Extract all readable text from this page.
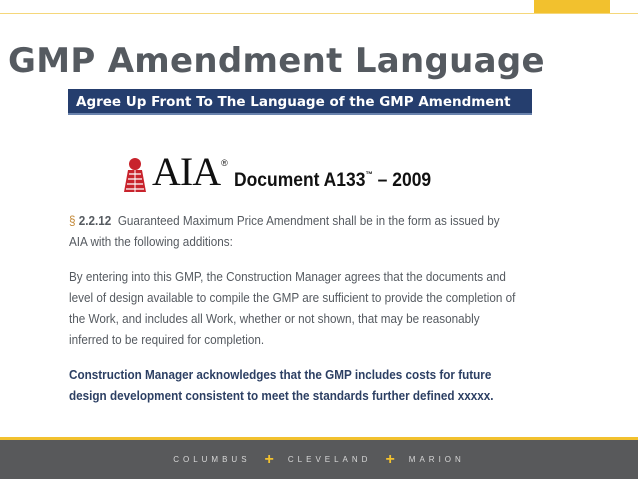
GMP Amendment Language
Agree Up Front To The Language of the GMP Amendment
AIA ®
Document A133™ – 2009

§ 2.2.12 Guaranteed Maximum Price Amendment shall be in the form as issued by AIA with the following additions:

By entering into this GMP, the Construction Manager agrees that the documents and level of design available to compile the GMP are sufficient to provide the completion of the Work, and includes all Work, whether or not shown, that may be reasonably inferred to be required for completion.

Construction Manager acknowledges that the GMP includes costs for future design development consistent to meet the standards further defined xxxxx.

COLUMBUS + CLEVELAND + MARION
